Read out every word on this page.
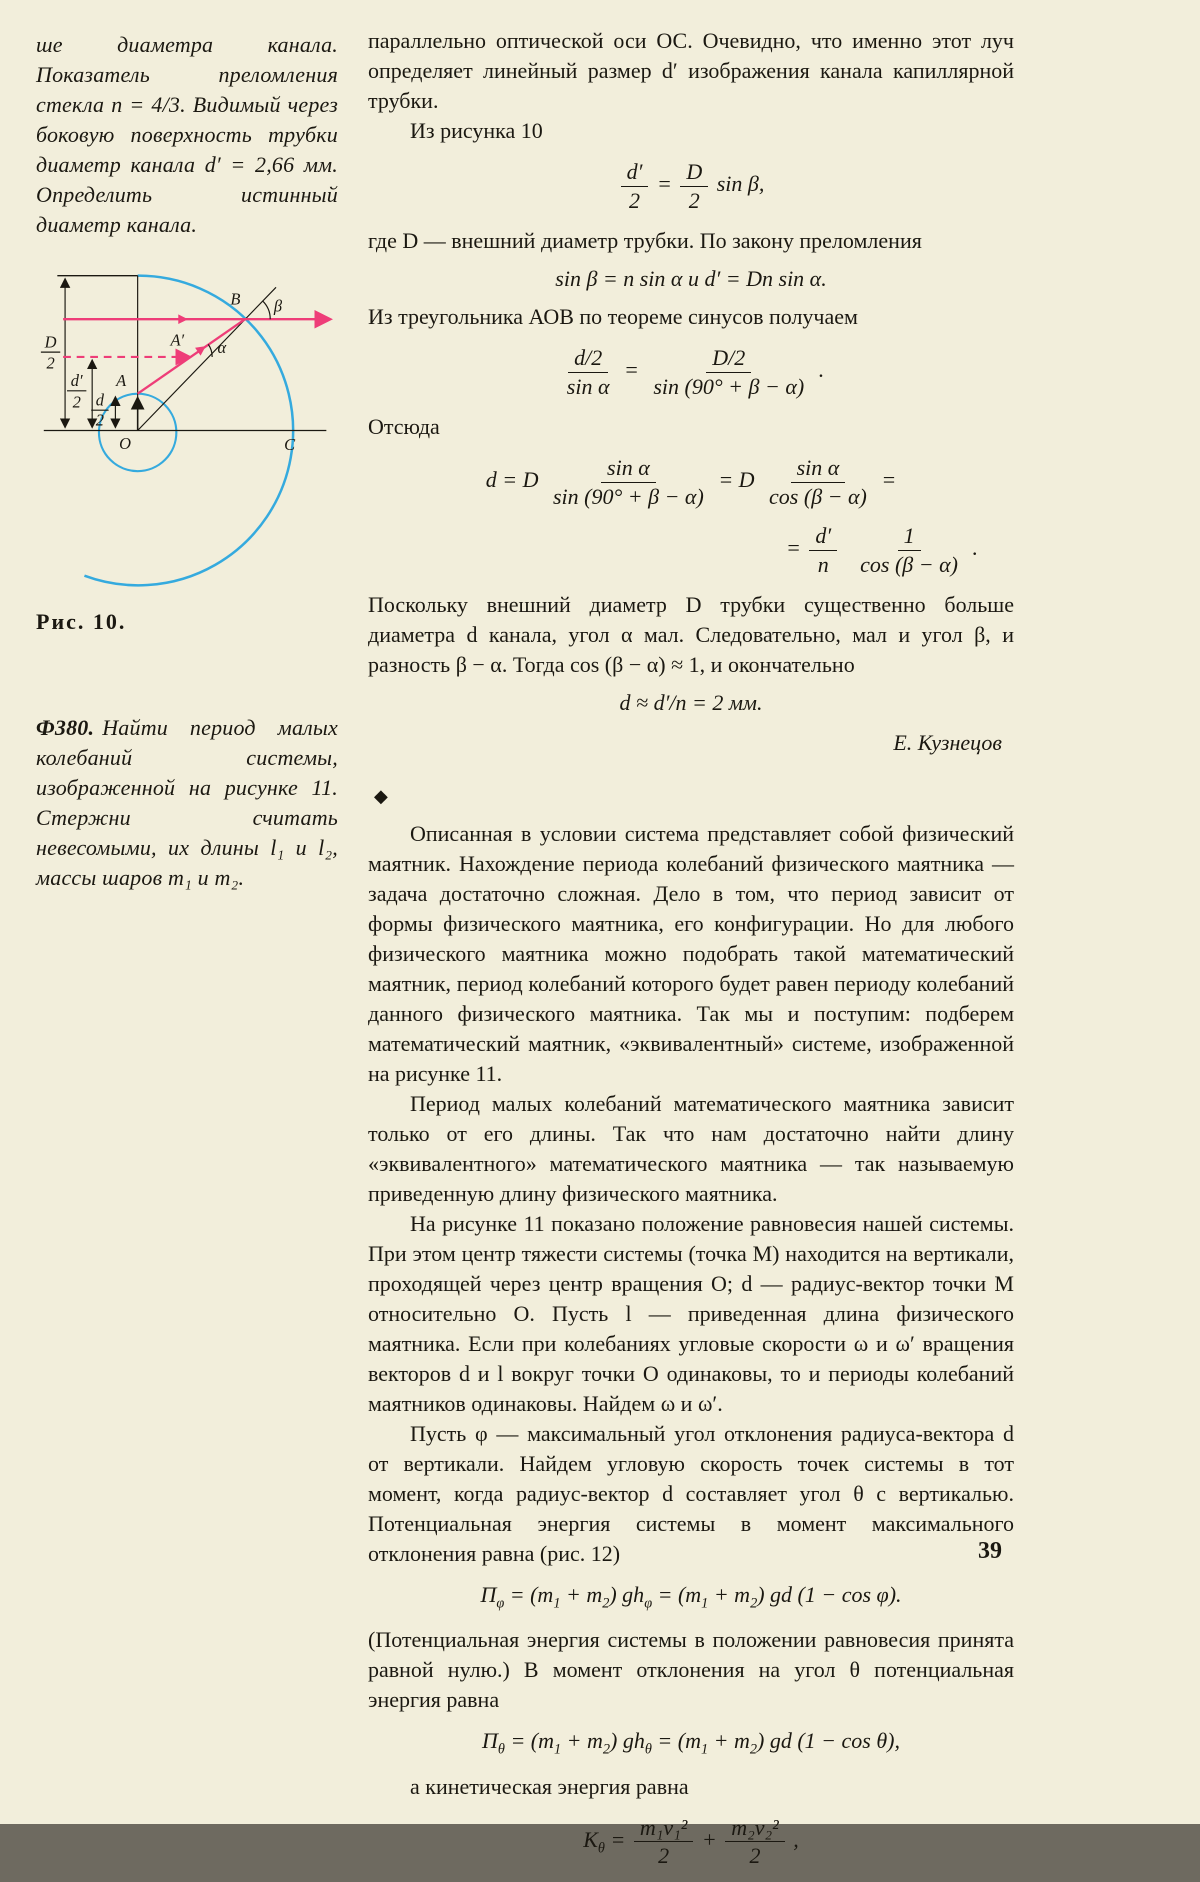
ше диаметра канала. Показатель преломления стекла n = 4/3. Видимый через боковую поверхность трубки диаметр канала d′ = 2,66 мм. Определить истинный диаметр канала.

D
2
d′
2 d
2
O	C
A
A′
B β
α
Рис. 10.

Ф380. Найти период малых колебаний системы, изображенной на рисунке 11. Стержни считать невесомыми, их длины l₁ и l₂, массы шаров m₁ и m₂.

параллельно оптической оси ОС. Очевидно, что именно этот луч определяет линейный размер d′ изображения канала капиллярной трубки.

Из рисунка 10

$\frac{d'}{2} = \frac{D}{2}$ sin β,

где D — внешний диаметр трубки. По закону преломления

sin β = n sin α и d′ = Dn sin α.

Из треугольника АОВ по теореме синусов получаем

$\frac{d/2}{\text{sin α}} = \frac{D/2}{\sin (90^\circ + \beta - \alpha)}$ .

Отсюда

d = D $\frac{\text{sin α}}{\sin (90^\circ + \beta - \alpha)} = D \frac{\text{sin α}}{\cos (\beta - \alpha)}$ =
= $\frac{d'}{n}$
$\frac{1}{\cos (\beta - \alpha)}$ .

Поскольку внешний диаметр D трубки существенно больше диаметра d канала, угол α мал. Следовательно, мал и угол β, и разность β − α. Тогда cos (β − α) ≈ 1, и окончательно

d ≈ d′/n = 2 мм.

Е. Кузнецов

◆

Описанная в условии система представляет собой физический маятник. Нахождение периода колебаний физического маятника — задача достаточно сложная. Дело в том, что период зависит от формы физического маятника, его конфигурации. Но для любого физического маятника можно подобрать такой математический маятник, период колебаний которого будет равен периоду колебаний данного физического маятника. Так мы и поступим: подберем математический маятник, «эквивалентный» системе, изображенной на рисунке 11.

Период малых колебаний математического маятника зависит только от его длины. Так что нам достаточно найти длину «эквивалентного» математического маятника — так называемую приведенную длину физического маятника.

На рисунке 11 показано положение равновесия нашей системы. При этом центр тяжести системы (точка М) находится на вертикали, проходящей через центр вращения О; d — радиус-вектор точки М относительно О. Пусть l — приведенная длина физического маятника. Если при колебаниях угловые скорости ω и ω′ вращения векторов d и l вокруг точки О одинаковы, то и периоды колебаний маятников одинаковы. Найдем ω и ω′.

Пусть φ — максимальный угол отклонения радиуса-вектора d от вертикали. Найдем угловую скорость точек системы в тот момент, когда радиус-вектор d составляет угол θ с вертикалью. Потенциальная энергия системы в момент максимального отклонения равна (рис. 12)

$П_\varphi = (m_1 + m_2) gh_\varphi = (m_1 + m_2)$ gd (1 − cos φ).

(Потенциальная энергия системы в положении равновесия принята равной нулю.) В момент отклонения на угол θ потенциальная энергия равна

$П_\theta = (m_1 + m_2) gh_\theta = (m_1 + m_2)$ gd (1 − cos θ),

а кинетическая энергия равна

$K_\theta = \frac{\text{m₁v₁²}}{2} + \frac{\text{m₂v₂²}}{2}$ ,
39
